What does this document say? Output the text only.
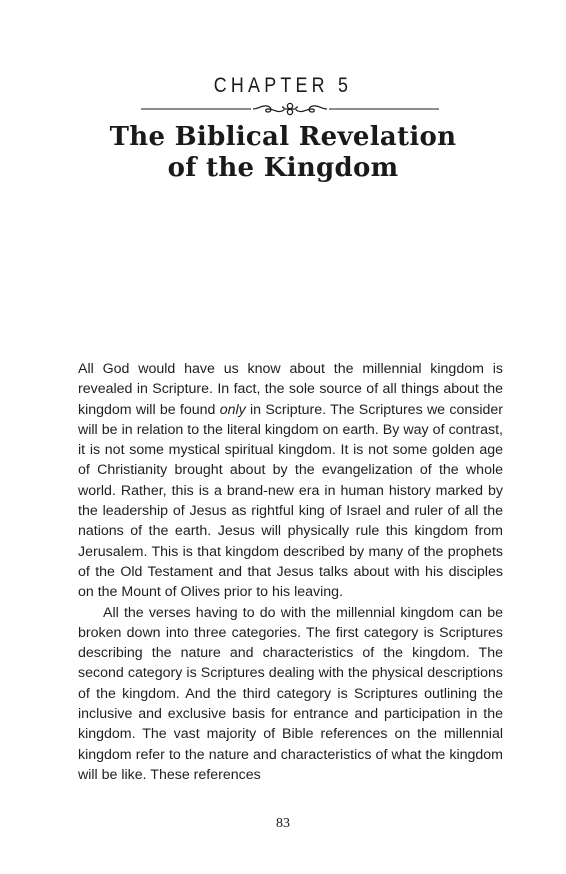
CHAPTER 5
The Biblical Revelation
of the Kingdom

All God would have us know about the millennial kingdom is revealed in Scripture. In fact, the sole source of all things about the kingdom will be found only in Scripture. The Scriptures we consider will be in relation to the literal kingdom on earth. By way of contrast, it is not some mystical spiritual kingdom. It is not some golden age of Christianity brought about by the evangelization of the whole world. Rather, this is a brand-new era in human history marked by the leadership of Jesus as rightful king of Israel and ruler of all the nations of the earth. Jesus will physically rule this kingdom from Jerusalem. This is that kingdom described by many of the prophets of the Old Testament and that Jesus talks about with his disciples on the Mount of Olives prior to his leaving.

All the verses having to do with the millennial kingdom can be broken down into three categories. The first category is Scriptures describing the nature and characteristics of the kingdom. The second category is Scriptures dealing with the physical descriptions of the kingdom. And the third category is Scriptures outlining the inclusive and exclusive basis for entrance and participation in the kingdom. The vast majority of Bible references on the millennial kingdom refer to the nature and characteristics of what the kingdom will be like. These references

83
